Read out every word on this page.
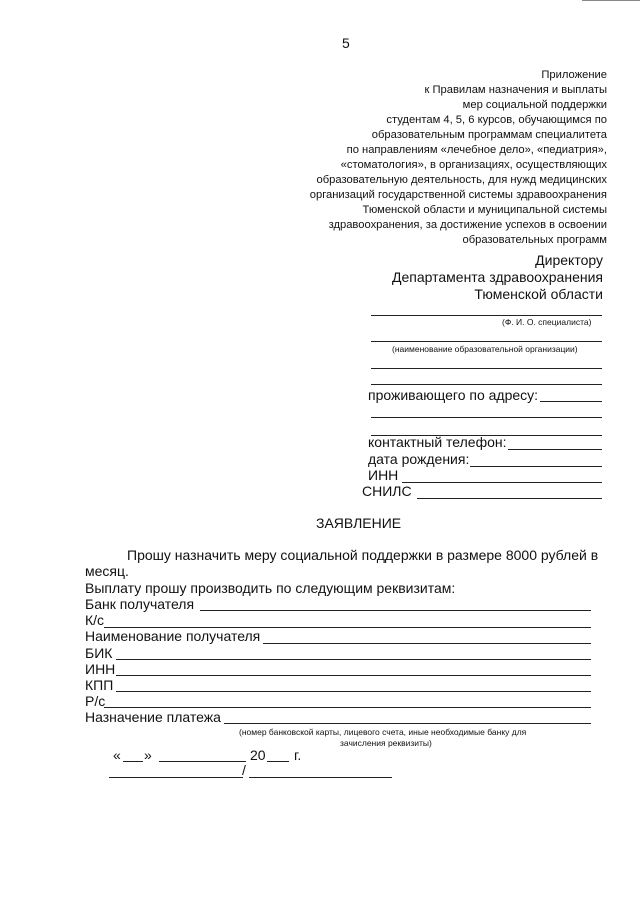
5
Приложение
к Правилам назначения и выплаты
мер социальной поддержки
студентам 4, 5, 6 курсов, обучающимся по
образовательным программам специалитета
по направлениям «лечебное дело», «педиатрия»,
«стоматология», в организациях, осуществляющих
образовательную деятельность, для нужд медицинских
организаций государственной системы здравоохранения
Тюменской области и муниципальной системы
здравоохранения, за достижение успехов в освоении
образовательных программ
Директору
Департамента здравоохранения
Тюменской области
(Ф. И. О. специалиста)
(наименование образовательной организации)
проживающего по адресу:
контактный телефон:
дата рождения:
ИНН
СНИЛС
ЗАЯВЛЕНИЕ
Прошу назначить меру социальной поддержки в размере 8000 рублей в
месяц.
Выплату прошу производить по следующим реквизитам:
Банк получателя
К/с
Наименование получателя
БИК
ИНН
КПП
Р/с
Назначение платежа
(номер банковской карты, лицевого счета, иные необходимые банку для
зачисления реквизиты)
« »	20 г.
/
